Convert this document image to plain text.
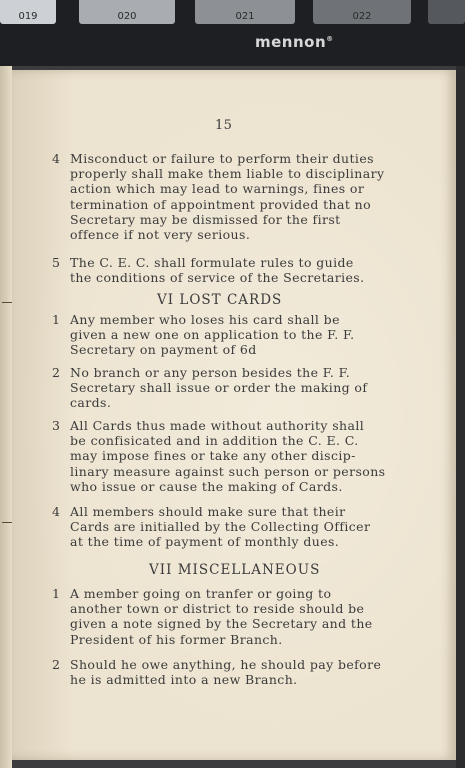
019	020	021	022
mennon®
15
4 Misconduct or failure to perform their duties
properly shall make them liable to disciplinary
action which may lead to warnings, fines or
termination of appointment provided that no
Secretary may be dismissed for the first
offence if not very serious.
5 The C. E. C. shall formulate rules to guide
the conditions of service of the Secretaries.
VI LOST CARDS
1 Any member who loses his card shall be
given a new one on application to the F. F.
Secretary on payment of 6d
2 No branch or any person besides the F. F.
Secretary shall issue or order the making of
cards.
3 All Cards thus made without authority shall
be confisicated and in addition the C. E. C.
may impose fines or take any other discip-
linary measure against such person or persons
who issue or cause the making of Cards.
4 All members should make sure that their
Cards are initialled by the Collecting Officer
at the time of payment of monthly dues.
VII MISCELLANEOUS
1 A member going on tranfer or going to
another town or district to reside should be
given a note signed by the Secretary and the
President of his former Branch.
2 Should he owe anything, he should pay before
he is admitted into a new Branch.
